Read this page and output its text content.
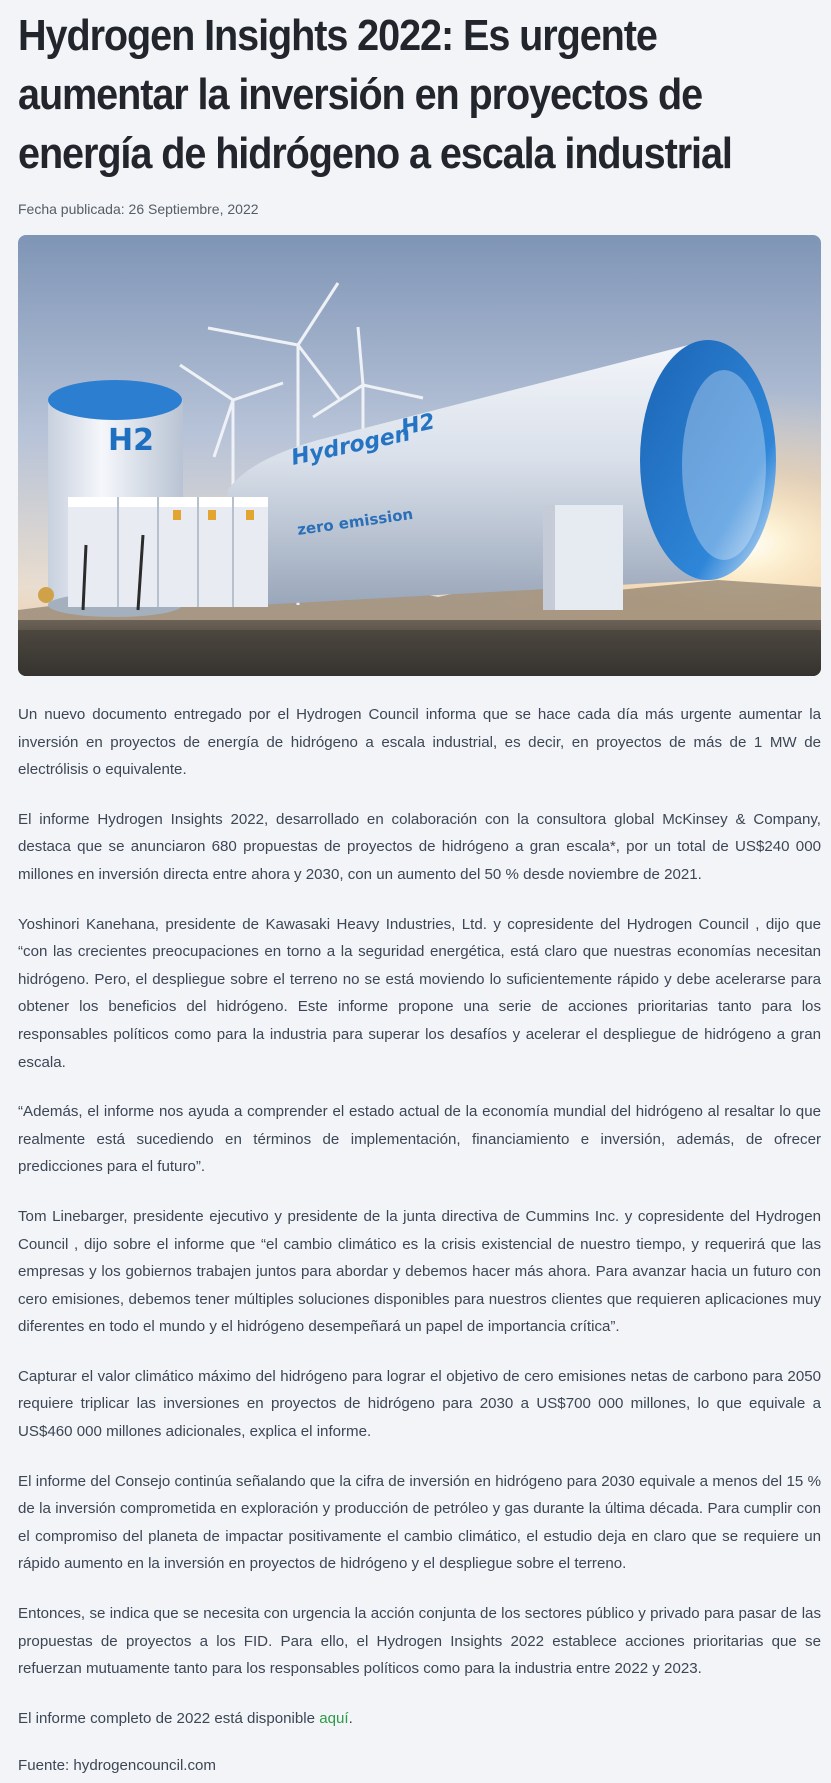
Hydrogen Insights 2022: Es urgente aumentar la inversión en proyectos de energía de hidrógeno a escala industrial
Fecha publicada: 26 Septiembre, 2022
H2	Hydrogen
H2
zero emission

Un nuevo documento entregado por el Hydrogen Council informa que se hace cada día más urgente aumentar la inversión en proyectos de energía de hidrógeno a escala industrial, es decir, en proyectos de más de 1 MW de electrólisis o equivalente.

El informe Hydrogen Insights 2022, desarrollado en colaboración con la consultora global McKinsey & Company, destaca que se anunciaron 680 propuestas de proyectos de hidrógeno a gran escala*, por un total de US$240 000 millones en inversión directa entre ahora y 2030, con un aumento del 50 % desde noviembre de 2021.

Yoshinori Kanehana, presidente de Kawasaki Heavy Industries, Ltd. y copresidente del Hydrogen Council , dijo que “con las crecientes preocupaciones en torno a la seguridad energética, está claro que nuestras economías necesitan hidrógeno. Pero, el despliegue sobre el terreno no se está moviendo lo suficientemente rápido y debe acelerarse para obtener los beneficios del hidrógeno. Este informe propone una serie de acciones prioritarias tanto para los responsables políticos como para la industria para superar los desafíos y acelerar el despliegue de hidrógeno a gran escala.

“Además, el informe nos ayuda a comprender el estado actual de la economía mundial del hidrógeno al resaltar lo que realmente está sucediendo en términos de implementación, financiamiento e inversión, además, de ofrecer predicciones para el futuro”.

Tom Linebarger, presidente ejecutivo y presidente de la junta directiva de Cummins Inc. y copresidente del Hydrogen Council , dijo sobre el informe que “el cambio climático es la crisis existencial de nuestro tiempo, y requerirá que las empresas y los gobiernos trabajen juntos para abordar y debemos hacer más ahora. Para avanzar hacia un futuro con cero emisiones, debemos tener múltiples soluciones disponibles para nuestros clientes que requieren aplicaciones muy diferentes en todo el mundo y el hidrógeno desempeñará un papel de importancia crítica”.

Capturar el valor climático máximo del hidrógeno para lograr el objetivo de cero emisiones netas de carbono para 2050 requiere triplicar las inversiones en proyectos de hidrógeno para 2030 a US$700 000 millones, lo que equivale a US$460 000 millones adicionales, explica el informe.

El informe del Consejo continúa señalando que la cifra de inversión en hidrógeno para 2030 equivale a menos del 15 % de la inversión comprometida en exploración y producción de petróleo y gas durante la última década. Para cumplir con el compromiso del planeta de impactar positivamente el cambio climático, el estudio deja en claro que se requiere un rápido aumento en la inversión en proyectos de hidrógeno y el despliegue sobre el terreno.

Entonces, se indica que se necesita con urgencia la acción conjunta de los sectores público y privado para pasar de las propuestas de proyectos a los FID. Para ello, el Hydrogen Insights 2022 establece acciones prioritarias que se refuerzan mutuamente tanto para los responsables políticos como para la industria entre 2022 y 2023.

El informe completo de 2022 está disponible aquí.

Fuente: hydrogencouncil.com
